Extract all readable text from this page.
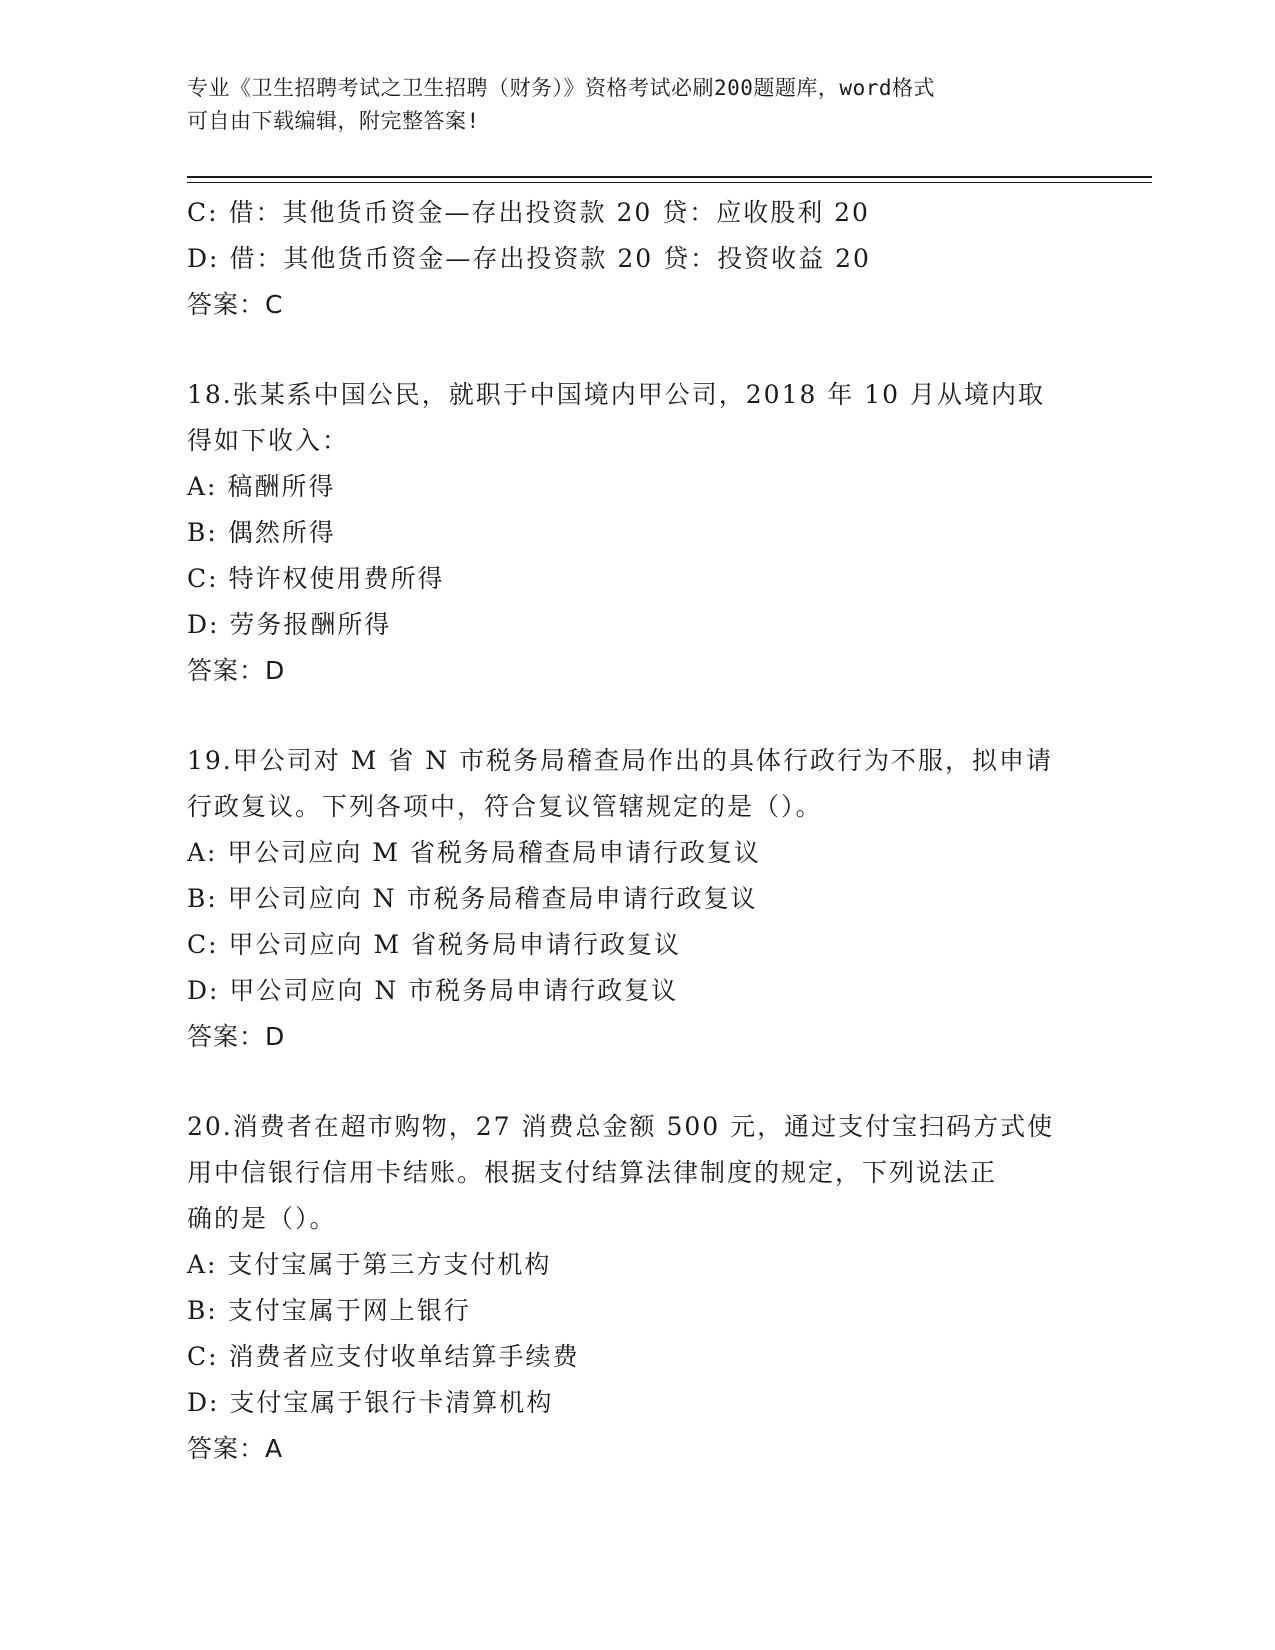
专业《卫生招聘考试之卫生招聘（财务）》资格考试必刷200题题库，word格式
可自由下载编辑，附完整答案!
C: 借：其他货币资金—存出投资款 20 贷：应收股利 20
D: 借：其他货币资金—存出投资款 20 贷：投资收益 20
答案：C
18.张某系中国公民，就职于中国境内甲公司，2018 年 10 月从境内取
得如下收入：
A: 稿酬所得
B: 偶然所得
C: 特许权使用费所得
D: 劳务报酬所得
答案：D
19.甲公司对 M 省 N 市税务局稽查局作出的具体行政行为不服，拟申请
行政复议。下列各项中，符合复议管辖规定的是（）。
A: 甲公司应向 M 省税务局稽查局申请行政复议
B: 甲公司应向 N 市税务局稽查局申请行政复议
C: 甲公司应向 M 省税务局申请行政复议
D: 甲公司应向 N 市税务局申请行政复议
答案：D
20.消费者在超市购物，27 消费总金额 500 元，通过支付宝扫码方式使
用中信银行信用卡结账。根据支付结算法律制度的规定，下列说法正
确的是（）。
A: 支付宝属于第三方支付机构
B: 支付宝属于网上银行
C: 消费者应支付收单结算手续费
D: 支付宝属于银行卡清算机构
答案：A
